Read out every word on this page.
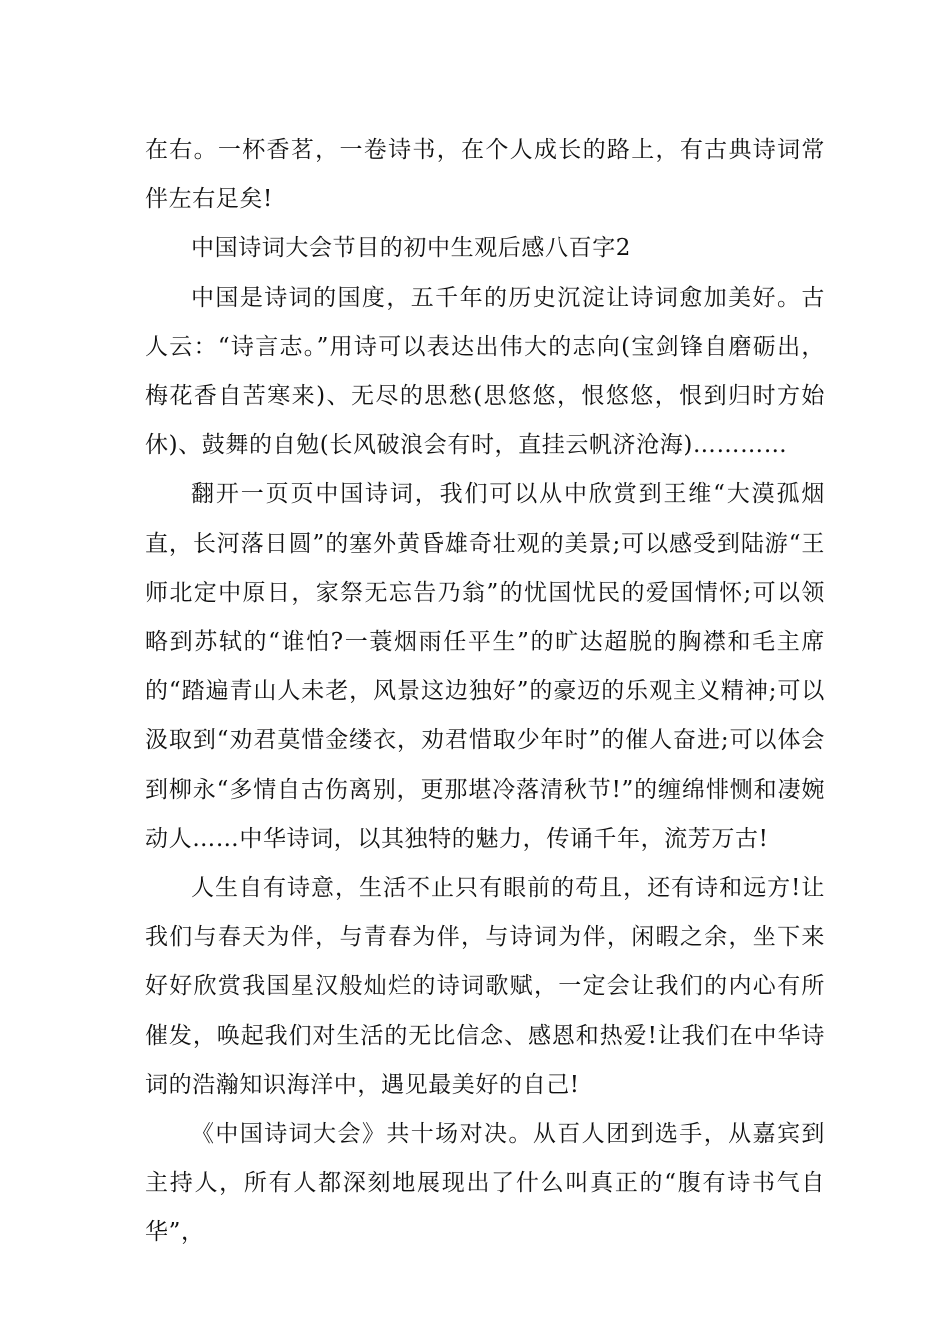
在右。一杯香茗，一卷诗书，在个人成长的路上，有古典诗词常伴左右足矣!

中国诗词大会节目的初中生观后感八百字2

中国是诗词的国度，五千年的历史沉淀让诗词愈加美好。古人云：“诗言志。”用诗可以表达出伟大的志向(宝剑锋自磨砺出，梅花香自苦寒来)、无尽的思愁(思悠悠，恨悠悠，恨到归时方始休)、鼓舞的自勉(长风破浪会有时，直挂云帆济沧海)…………

翻开一页页中国诗词，我们可以从中欣赏到王维“大漠孤烟直，长河落日圆”的塞外黄昏雄奇壮观的美景;可以感受到陆游“王师北定中原日，家祭无忘告乃翁”的忧国忧民的爱国情怀;可以领略到苏轼的“谁怕?一蓑烟雨任平生”的旷达超脱的胸襟和毛主席的“踏遍青山人未老，风景这边独好”的豪迈的乐观主义精神;可以汲取到“劝君莫惜金缕衣，劝君惜取少年时”的催人奋进;可以体会到柳永“多情自古伤离别，更那堪冷落清秋节!”的缠绵悱恻和凄婉动人……中华诗词，以其独特的魅力，传诵千年，流芳万古!

人生自有诗意，生活不止只有眼前的苟且，还有诗和远方!让我们与春天为伴，与青春为伴，与诗词为伴，闲暇之余，坐下来好好欣赏我国星汉般灿烂的诗词歌赋，一定会让我们的内心有所催发，唤起我们对生活的无比信念、感恩和热爱!让我们在中华诗词的浩瀚知识海洋中，遇见最美好的自己!

《中国诗词大会》共十场对决。从百人团到选手，从嘉宾到主持人，所有人都深刻地展现出了什么叫真正的“腹有诗书气自华”，
